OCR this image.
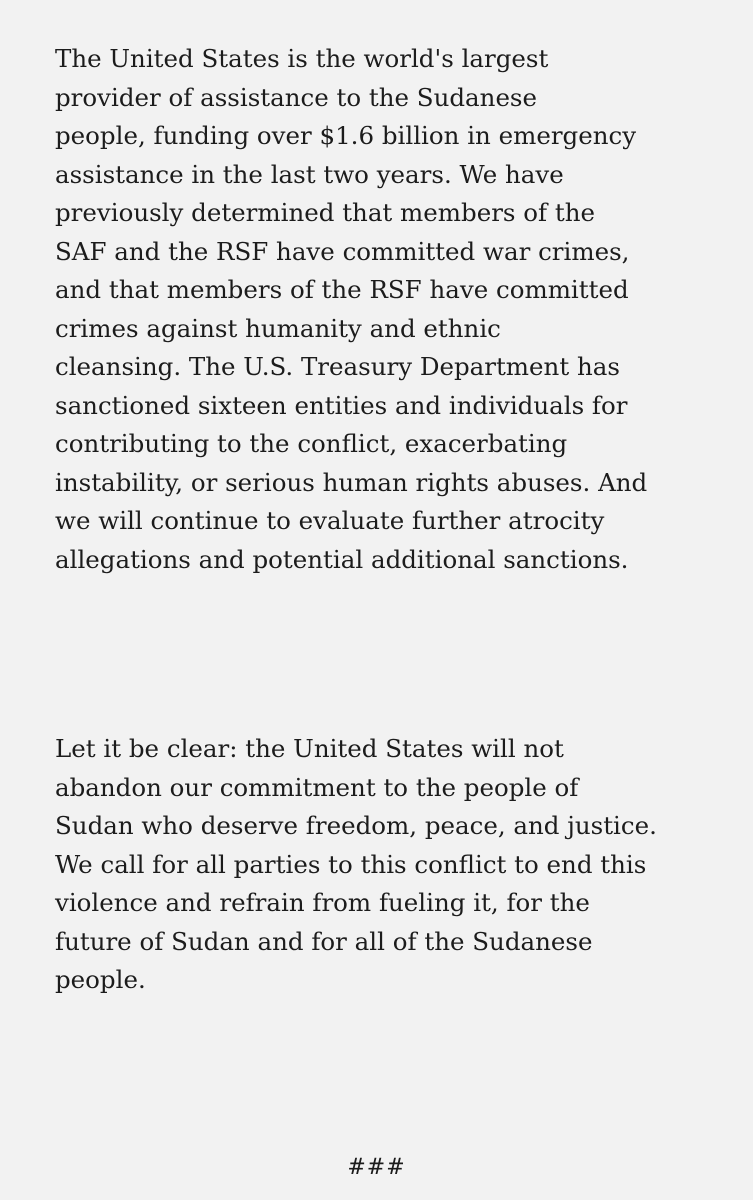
The United States is the world's largest
provider of assistance to the Sudanese
people, funding over $1.6 billion in emergency
assistance in the last two years. We have
previously determined that members of the
SAF and the RSF have committed war crimes,
and that members of the RSF have committed
crimes against humanity and ethnic
cleansing. The U.S. Treasury Department has
sanctioned sixteen entities and individuals for
contributing to the conflict, exacerbating
instability, or serious human rights abuses. And
we will continue to evaluate further atrocity
allegations and potential additional sanctions.
Let it be clear: the United States will not
abandon our commitment to the people of
Sudan who deserve freedom, peace, and justice.
We call for all parties to this conflict to end this
violence and refrain from fueling it, for the
future of Sudan and for all of the Sudanese
people.
###
